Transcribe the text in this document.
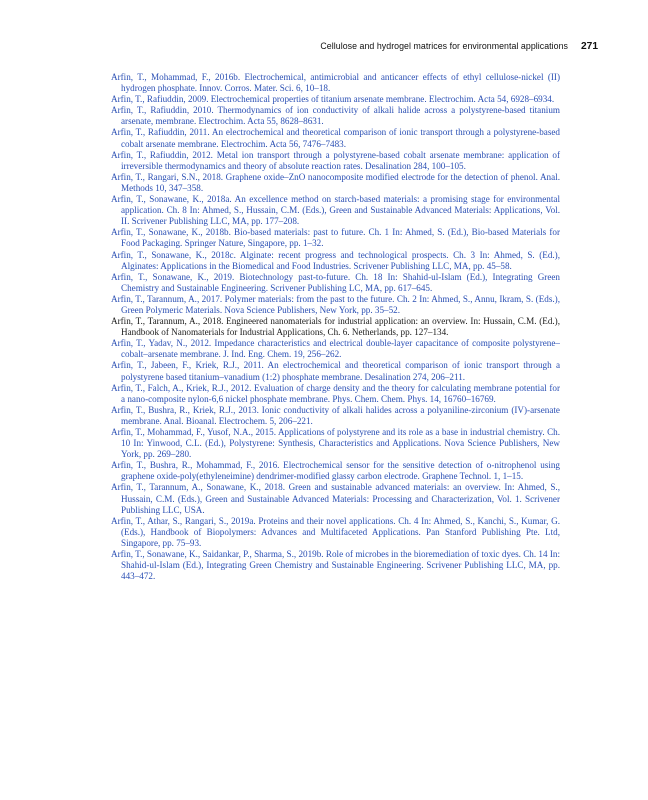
Cellulose and hydrogel matrices for environmental applications 271

Arfin, T., Mohammad, F., 2016b. Electrochemical, antimicrobial and anticancer effects of ethyl cellulose-nickel (II) hydrogen phosphate. Innov. Corros. Mater. Sci. 6, 10–18.

Arfin, T., Rafiuddin, 2009. Electrochemical properties of titanium arsenate membrane. Electrochim. Acta 54, 6928–6934.

Arfin, T., Rafiuddin, 2010. Thermodynamics of ion conductivity of alkali halide across a polystyrene-based titanium arsenate, membrane. Electrochim. Acta 55, 8628–8631.

Arfin, T., Rafiuddin, 2011. An electrochemical and theoretical comparison of ionic transport through a polystyrene-based cobalt arsenate membrane. Electrochim. Acta 56, 7476–7483.

Arfin, T., Rafiuddin, 2012. Metal ion transport through a polystyrene-based cobalt arsenate membrane: application of irreversible thermodynamics and theory of absolute reaction rates. Desalination 284, 100–105.

Arfin, T., Rangari, S.N., 2018. Graphene oxide–ZnO nanocomposite modified electrode for the detection of phenol. Anal. Methods 10, 347–358.

Arfin, T., Sonawane, K., 2018a. An excellence method on starch-based materials: a promising stage for environmental application. Ch. 8 In: Ahmed, S., Hussain, C.M. (Eds.), Green and Sustainable Advanced Materials: Applications, Vol. II. Scrivener Publishing LLC, MA, pp. 177–208.

Arfin, T., Sonawane, K., 2018b. Bio-based materials: past to future. Ch. 1 In: Ahmed, S. (Ed.), Bio-based Materials for Food Packaging. Springer Nature, Singapore, pp. 1–32.

Arfin, T., Sonawane, K., 2018c. Alginate: recent progress and technological prospects. Ch. 3 In: Ahmed, S. (Ed.), Alginates: Applications in the Biomedical and Food Industries. Scrivener Publishing LLC, MA, pp. 45–58.

Arfin, T., Sonawane, K., 2019. Biotechnology past-to-future. Ch. 18 In: Shahid-ul-Islam (Ed.), Integrating Green Chemistry and Sustainable Engineering. Scrivener Publishing LC, MA, pp. 617–645.

Arfin, T., Tarannum, A., 2017. Polymer materials: from the past to the future. Ch. 2 In: Ahmed, S., Annu, Ikram, S. (Eds.), Green Polymeric Materials. Nova Science Publishers, New York, pp. 35–52.

Arfin, T., Tarannum, A., 2018. Engineered nanomaterials for industrial application: an overview. In: Hussain, C.M. (Ed.), Handbook of Nanomaterials for Industrial Applications, Ch. 6. Netherlands, pp. 127–134.

Arfin, T., Yadav, N., 2012. Impedance characteristics and electrical double-layer capacitance of composite polystyrene–cobalt–arsenate membrane. J. Ind. Eng. Chem. 19, 256–262.

Arfin, T., Jabeen, F., Kriek, R.J., 2011. An electrochemical and theoretical comparison of ionic transport through a polystyrene based titanium–vanadium (1:2) phosphate membrane. Desalination 274, 206–211.

Arfin, T., Falch, A., Kriek, R.J., 2012. Evaluation of charge density and the theory for calculating membrane potential for a nano-composite nylon-6,6 nickel phosphate membrane. Phys. Chem. Chem. Phys. 14, 16760–16769.

Arfin, T., Bushra, R., Kriek, R.J., 2013. Ionic conductivity of alkali halides across a polyaniline-zirconium (IV)-arsenate membrane. Anal. Bioanal. Electrochem. 5, 206–221.

Arfin, T., Mohammad, F., Yusof, N.A., 2015. Applications of polystyrene and its role as a base in industrial chemistry. Ch. 10 In: Yinwood, C.L. (Ed.), Polystyrene: Synthesis, Characteristics and Applications. Nova Science Publishers, New York, pp. 269–280.

Arfin, T., Bushra, R., Mohammad, F., 2016. Electrochemical sensor for the sensitive detection of o-nitrophenol using graphene oxide-poly(ethyleneimine) dendrimer-modified glassy carbon electrode. Graphene Technol. 1, 1–15.

Arfin, T., Tarannum, A., Sonawane, K., 2018. Green and sustainable advanced materials: an overview. In: Ahmed, S., Hussain, C.M. (Eds.), Green and Sustainable Advanced Materials: Processing and Characterization, Vol. 1. Scrivener Publishing LLC, USA.

Arfin, T., Athar, S., Rangari, S., 2019a. Proteins and their novel applications. Ch. 4 In: Ahmed, S., Kanchi, S., Kumar, G. (Eds.), Handbook of Biopolymers: Advances and Multifaceted Applications. Pan Stanford Publishing Pte. Ltd, Singapore, pp. 75–93.

Arfin, T., Sonawane, K., Saidankar, P., Sharma, S., 2019b. Role of microbes in the bioremediation of toxic dyes. Ch. 14 In: Shahid-ul-Islam (Ed.), Integrating Green Chemistry and Sustainable Engineering. Scrivener Publishing LLC, MA, pp. 443–472.
